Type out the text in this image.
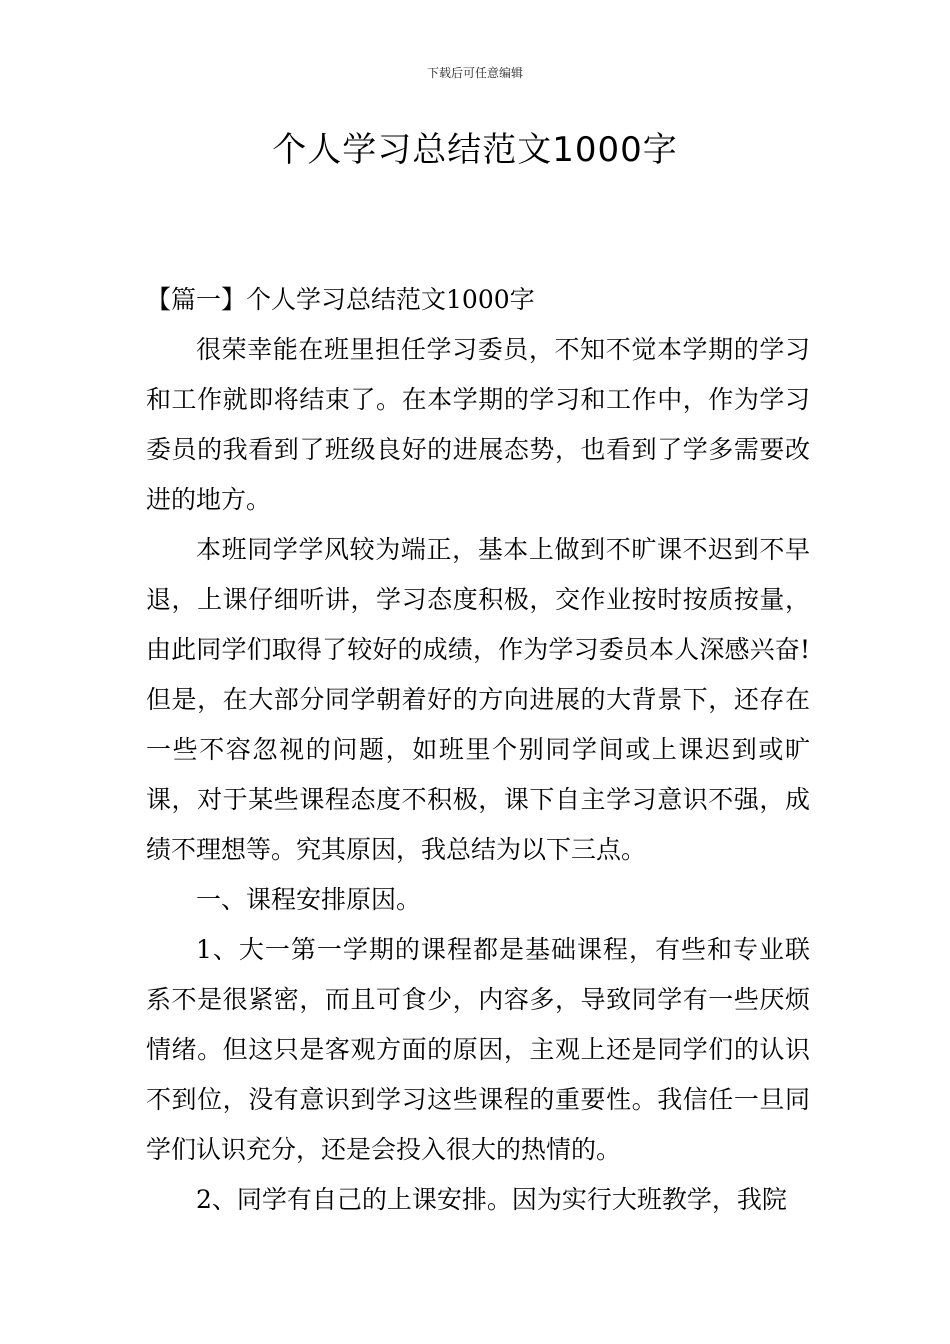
下载后可任意编辑
个人学习总结范文1000字

【篇一】个人学习总结范文1000字

很荣幸能在班里担任学习委员，不知不觉本学期的学习和工作就即将结束了。在本学期的学习和工作中，作为学习委员的我看到了班级良好的进展态势，也看到了学多需要改进的地方。

本班同学学风较为端正，基本上做到不旷课不迟到不早退，上课仔细听讲，学习态度积极，交作业按时按质按量，由此同学们取得了较好的成绩，作为学习委员本人深感兴奋!但是，在大部分同学朝着好的方向进展的大背景下，还存在一些不容忽视的问题，如班里个别同学间或上课迟到或旷课，对于某些课程态度不积极，课下自主学习意识不强，成绩不理想等。究其原因，我总结为以下三点。

一、课程安排原因。

1、大一第一学期的课程都是基础课程，有些和专业联系不是很紧密，而且可食少，内容多，导致同学有一些厌烦情绪。但这只是客观方面的原因，主观上还是同学们的认识不到位，没有意识到学习这些课程的重要性。我信任一旦同学们认识充分，还是会投入很大的热情的。

2、同学有自己的上课安排。因为实行大班教学，我院
